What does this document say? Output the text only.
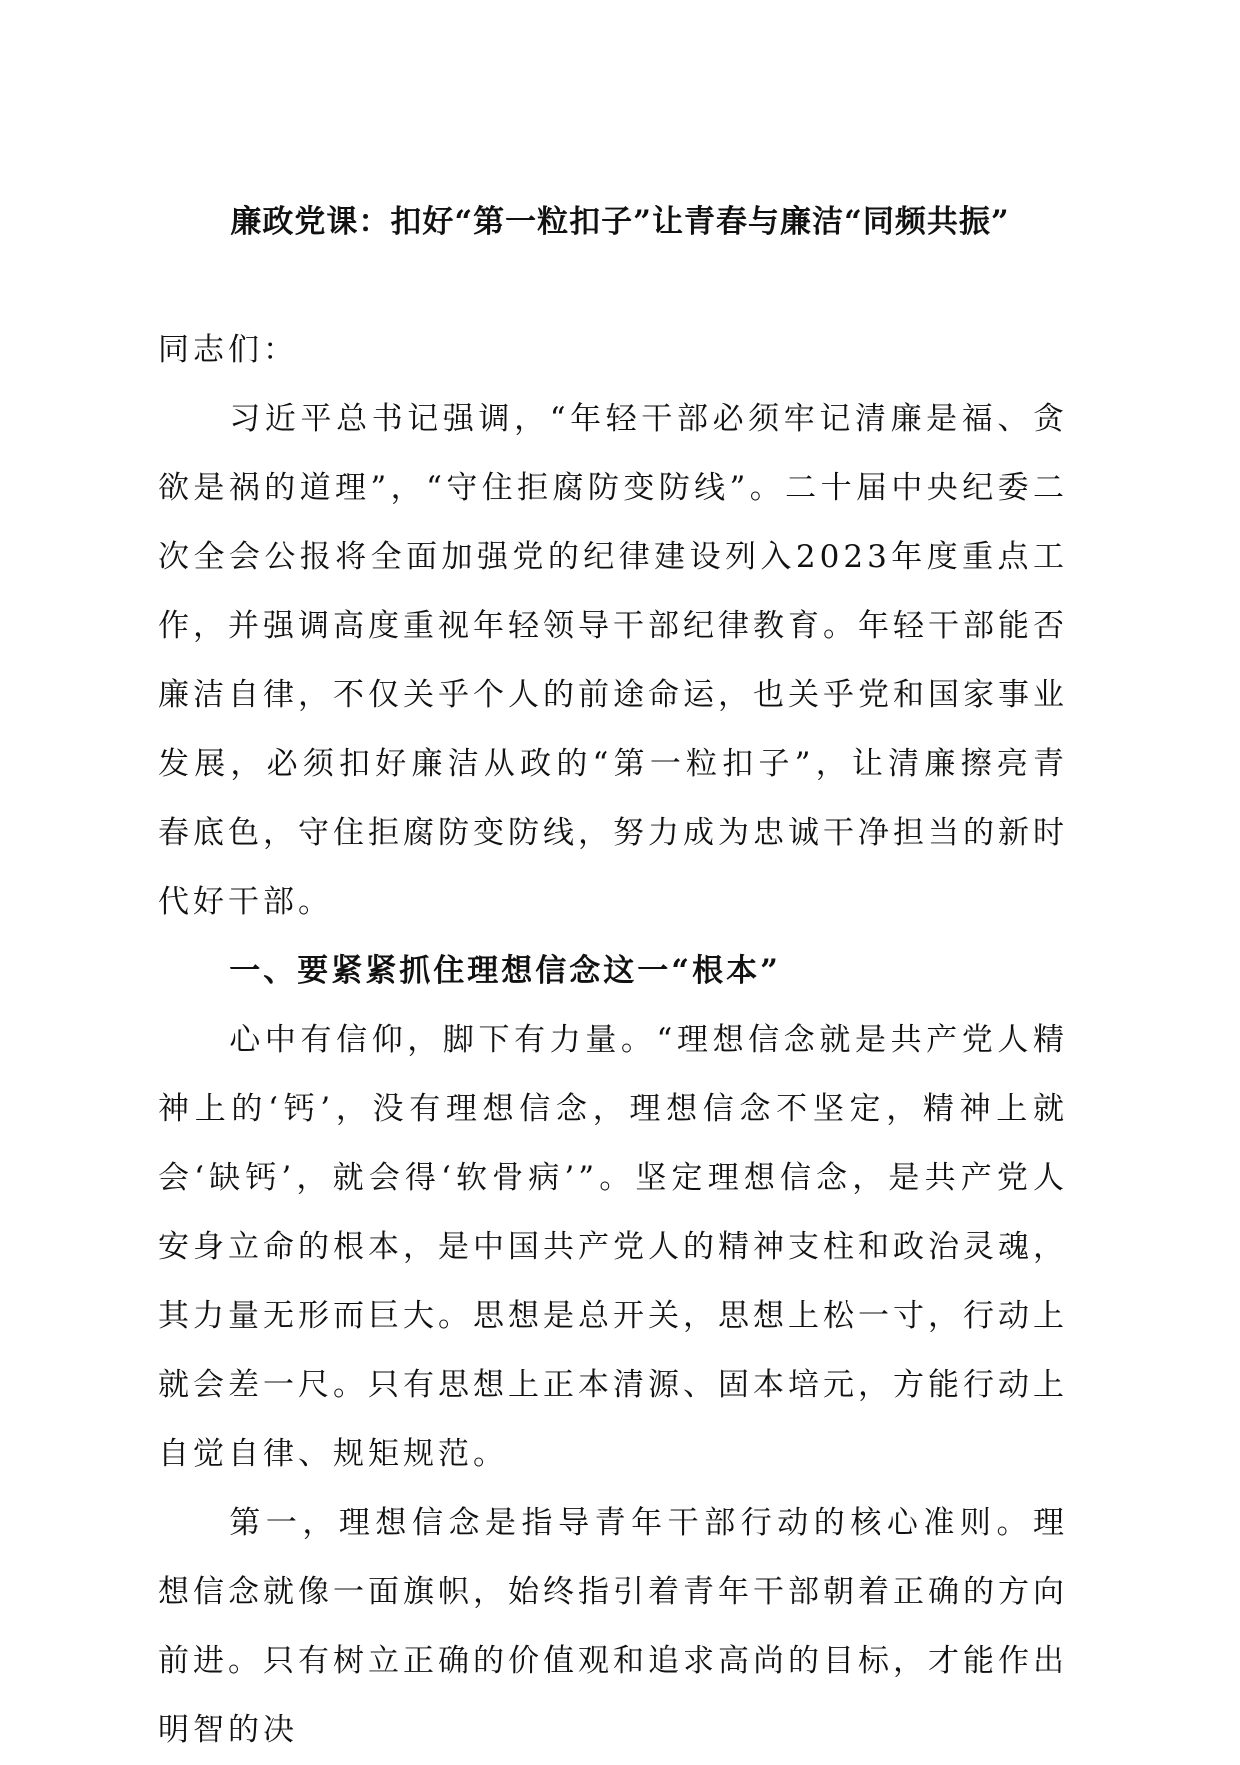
廉政党课：扣好“第一粒扣子”让青春与廉洁“同频共振”

同志们：

习近平总书记强调，“年轻干部必须牢记清廉是福、贪欲是祸的道理”，“守住拒腐防变防线”。二十届中央纪委二次全会公报将全面加强党的纪律建设列入2023年度重点工作，并强调高度重视年轻领导干部纪律教育。年轻干部能否廉洁自律，不仅关乎个人的前途命运，也关乎党和国家事业发展，必须扣好廉洁从政的“第一粒扣子”，让清廉擦亮青春底色，守住拒腐防变防线，努力成为忠诚干净担当的新时代好干部。

一、要紧紧抓住理想信念这一“根本”

心中有信仰，脚下有力量。“理想信念就是共产党人精神上的‘钙’，没有理想信念，理想信念不坚定，精神上就会‘缺钙’，就会得‘软骨病’”。坚定理想信念，是共产党人安身立命的根本，是中国共产党人的精神支柱和政治灵魂，其力量无形而巨大。思想是总开关，思想上松一寸，行动上就会差一尺。只有思想上正本清源、固本培元，方能行动上自觉自律、规矩规范。

第一，理想信念是指导青年干部行动的核心准则。理想信念就像一面旗帜，始终指引着青年干部朝着正确的方向前进。只有树立正确的价值观和追求高尚的目标，才能作出明智的决
